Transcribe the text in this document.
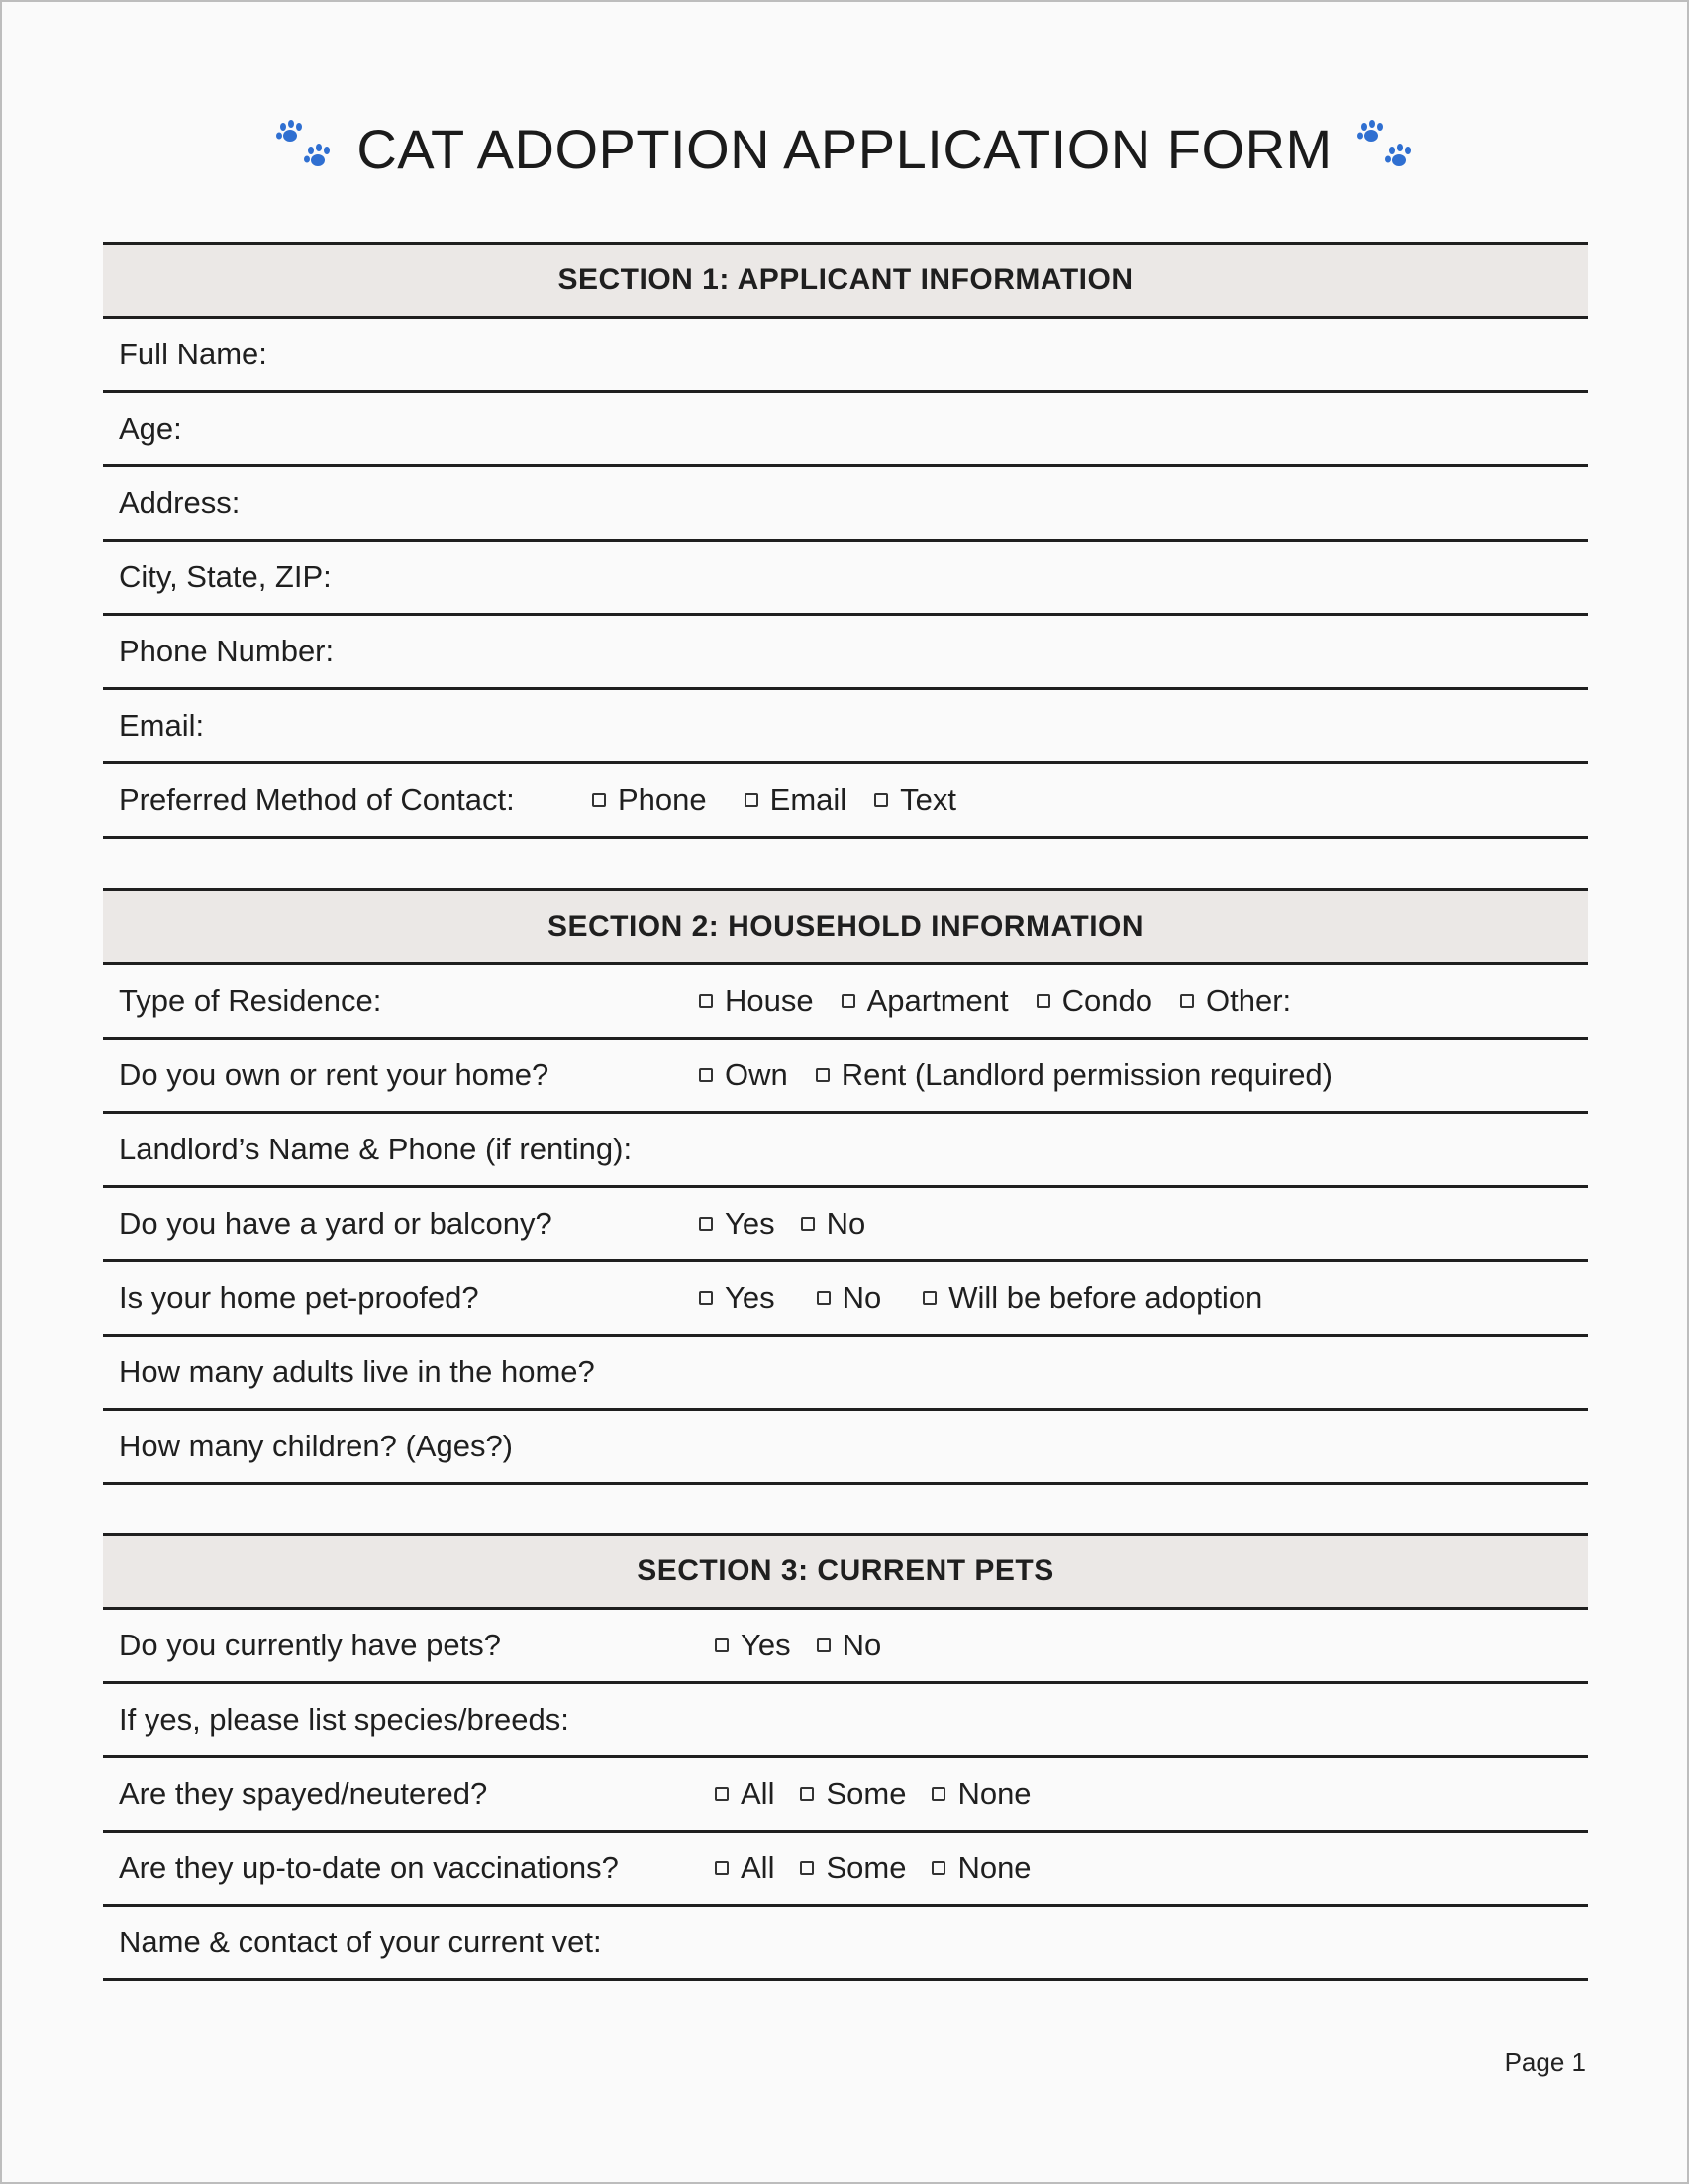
CAT ADOPTION APPLICATION FORM
SECTION 1: APPLICANT INFORMATION
Full Name:
Age:
Address:
City, State, ZIP:
Phone Number:
Email:
Preferred Method of Contact:	Phone Email Text
SECTION 2: HOUSEHOLD INFORMATION
Type of Residence:	House Apartment Condo Other:
Do you own or rent your home?	Own Rent (Landlord permission required)
Landlord’s Name & Phone (if renting):
Do you have a yard or balcony?	Yes No
Is your home pet-proofed?	Yes No Will be before adoption
How many adults live in the home?
How many children? (Ages?)
SECTION 3: CURRENT PETS
Do you currently have pets?	Yes No
If yes, please list species/breeds:
Are they spayed/neutered?	All Some None
Are they up-to-date on vaccinations?	All Some None
Name & contact of your current vet:
Page 1
